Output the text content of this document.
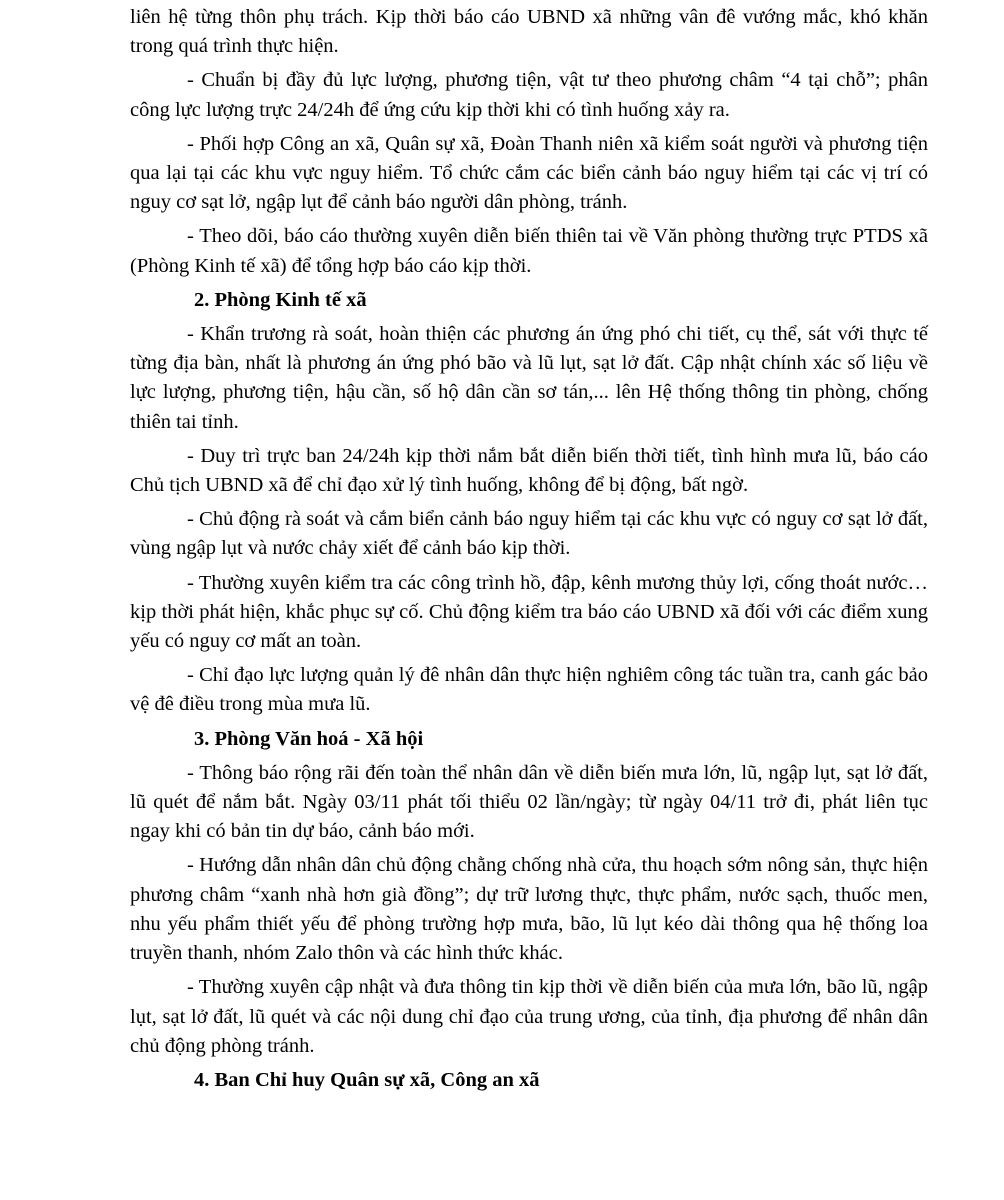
liên hệ từng thôn phụ trách. Kịp thời báo cáo UBND xã những vân đê vướng mắc, khó khăn trong quá trình thực hiện.

- Chuẩn bị đầy đủ lực lượng, phương tiện, vật tư theo phương châm “4 tại chỗ”; phân công lực lượng trực 24/24h để ứng cứu kịp thời khi có tình huống xảy ra.

- Phối hợp Công an xã, Quân sự xã, Đoàn Thanh niên xã kiểm soát người và phương tiện qua lại tại các khu vực nguy hiểm. Tổ chức cắm các biển cảnh báo nguy hiểm tại các vị trí có nguy cơ sạt lở, ngập lụt để cảnh báo người dân phòng, tránh.

- Theo dõi, báo cáo thường xuyên diễn biến thiên tai về Văn phòng thường trực PTDS xã (Phòng Kinh tế xã) để tổng hợp báo cáo kịp thời.

2. Phòng Kinh tế xã

- Khẩn trương rà soát, hoàn thiện các phương án ứng phó chi tiết, cụ thể, sát với thực tế từng địa bàn, nhất là phương án ứng phó bão và lũ lụt, sạt lở đất. Cập nhật chính xác số liệu về lực lượng, phương tiện, hậu cần, số hộ dân cần sơ tán,... lên Hệ thống thông tin phòng, chống thiên tai tỉnh.

- Duy trì trực ban 24/24h kịp thời nắm bắt diễn biến thời tiết, tình hình mưa lũ, báo cáo Chủ tịch UBND xã để chỉ đạo xử lý tình huống, không để bị động, bất ngờ.

- Chủ động rà soát và cắm biển cảnh báo nguy hiểm tại các khu vực có nguy cơ sạt lở đất, vùng ngập lụt và nước chảy xiết để cảnh báo kịp thời.

- Thường xuyên kiểm tra các công trình hồ, đập, kênh mương thủy lợi, cống thoát nước…kịp thời phát hiện, khắc phục sự cố. Chủ động kiểm tra báo cáo UBND xã đối với các điểm xung yếu có nguy cơ mất an toàn.

- Chỉ đạo lực lượng quản lý đê nhân dân thực hiện nghiêm công tác tuần tra, canh gác bảo vệ đê điều trong mùa mưa lũ.

3. Phòng Văn hoá - Xã hội

- Thông báo rộng rãi đến toàn thể nhân dân về diễn biến mưa lớn, lũ, ngập lụt, sạt lở đất, lũ quét để nắm bắt. Ngày 03/11 phát tối thiểu 02 lần/ngày; từ ngày 04/11 trở đi, phát liên tục ngay khi có bản tin dự báo, cảnh báo mới.

- Hướng dẫn nhân dân chủ động chằng chống nhà cửa, thu hoạch sớm nông sản, thực hiện phương châm “xanh nhà hơn già đồng”; dự trữ lương thực, thực phẩm, nước sạch, thuốc men, nhu yếu phẩm thiết yếu để phòng trường hợp mưa, bão, lũ lụt kéo dài thông qua hệ thống loa truyền thanh, nhóm Zalo thôn và các hình thức khác.

- Thường xuyên cập nhật và đưa thông tin kịp thời về diễn biến của mưa lớn, bão lũ, ngập lụt, sạt lở đất, lũ quét và các nội dung chỉ đạo của trung ương, của tỉnh, địa phương để nhân dân chủ động phòng tránh.

4. Ban Chỉ huy Quân sự xã, Công an xã
